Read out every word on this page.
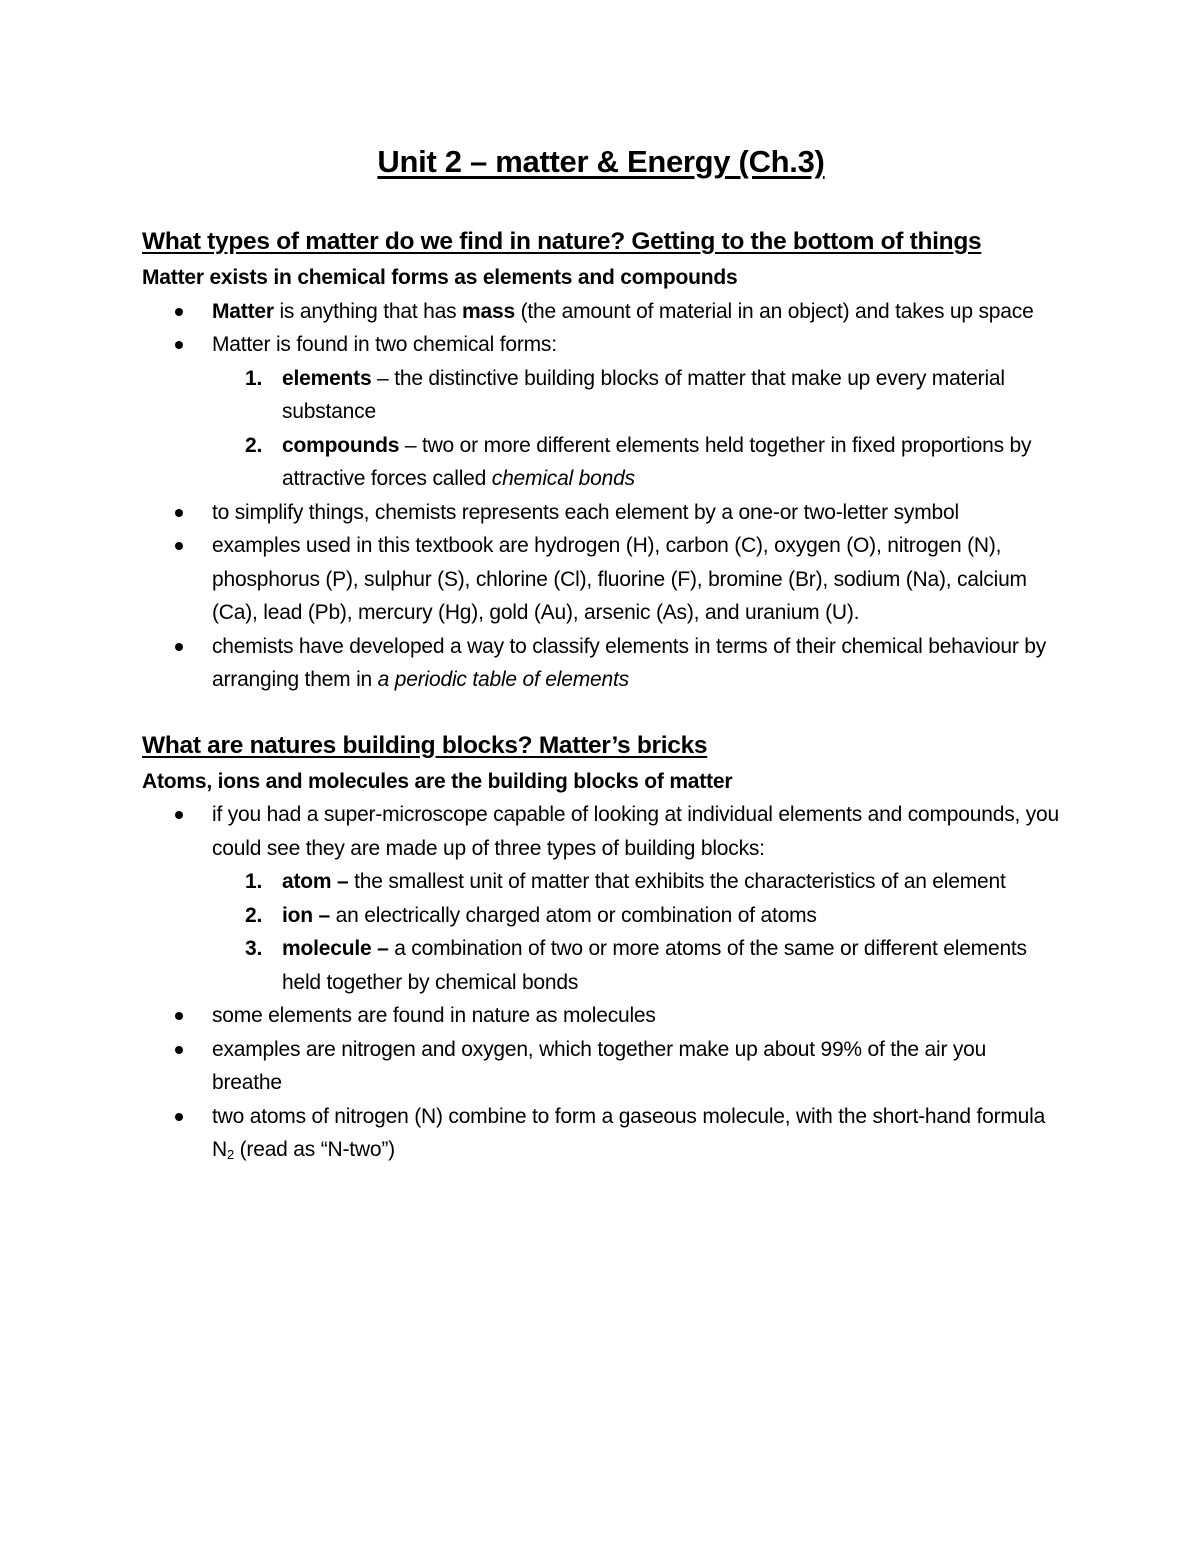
Unit 2 – matter & Energy (Ch.3)
What types of matter do we find in nature? Getting to the bottom of things
Matter exists in chemical forms as elements and compounds
Matter is anything that has mass (the amount of material in an object) and takes up space
Matter is found in two chemical forms:
1. elements – the distinctive building blocks of matter that make up every material substance
2. compounds – two or more different elements held together in fixed proportions by attractive forces called chemical bonds
to simplify things, chemists represents each element by a one-or two-letter symbol
examples used in this textbook are hydrogen (H), carbon (C), oxygen (O), nitrogen (N), phosphorus (P), sulphur (S), chlorine (Cl), fluorine (F), bromine (Br), sodium (Na), calcium (Ca), lead (Pb), mercury (Hg), gold (Au), arsenic (As), and uranium (U).
chemists have developed a way to classify elements in terms of their chemical behaviour by arranging them in a periodic table of elements
What are natures building blocks? Matter’s bricks
Atoms, ions and molecules are the building blocks of matter
if you had a super-microscope capable of looking at individual elements and compounds, you could see they are made up of three types of building blocks:
1. atom – the smallest unit of matter that exhibits the characteristics of an element
2. ion – an electrically charged atom or combination of atoms
3. molecule – a combination of two or more atoms of the same or different elements held together by chemical bonds
some elements are found in nature as molecules
examples are nitrogen and oxygen, which together make up about 99% of the air you breathe
two atoms of nitrogen (N) combine to form a gaseous molecule, with the short-hand formula $N_2$ (read as “N-two”)
